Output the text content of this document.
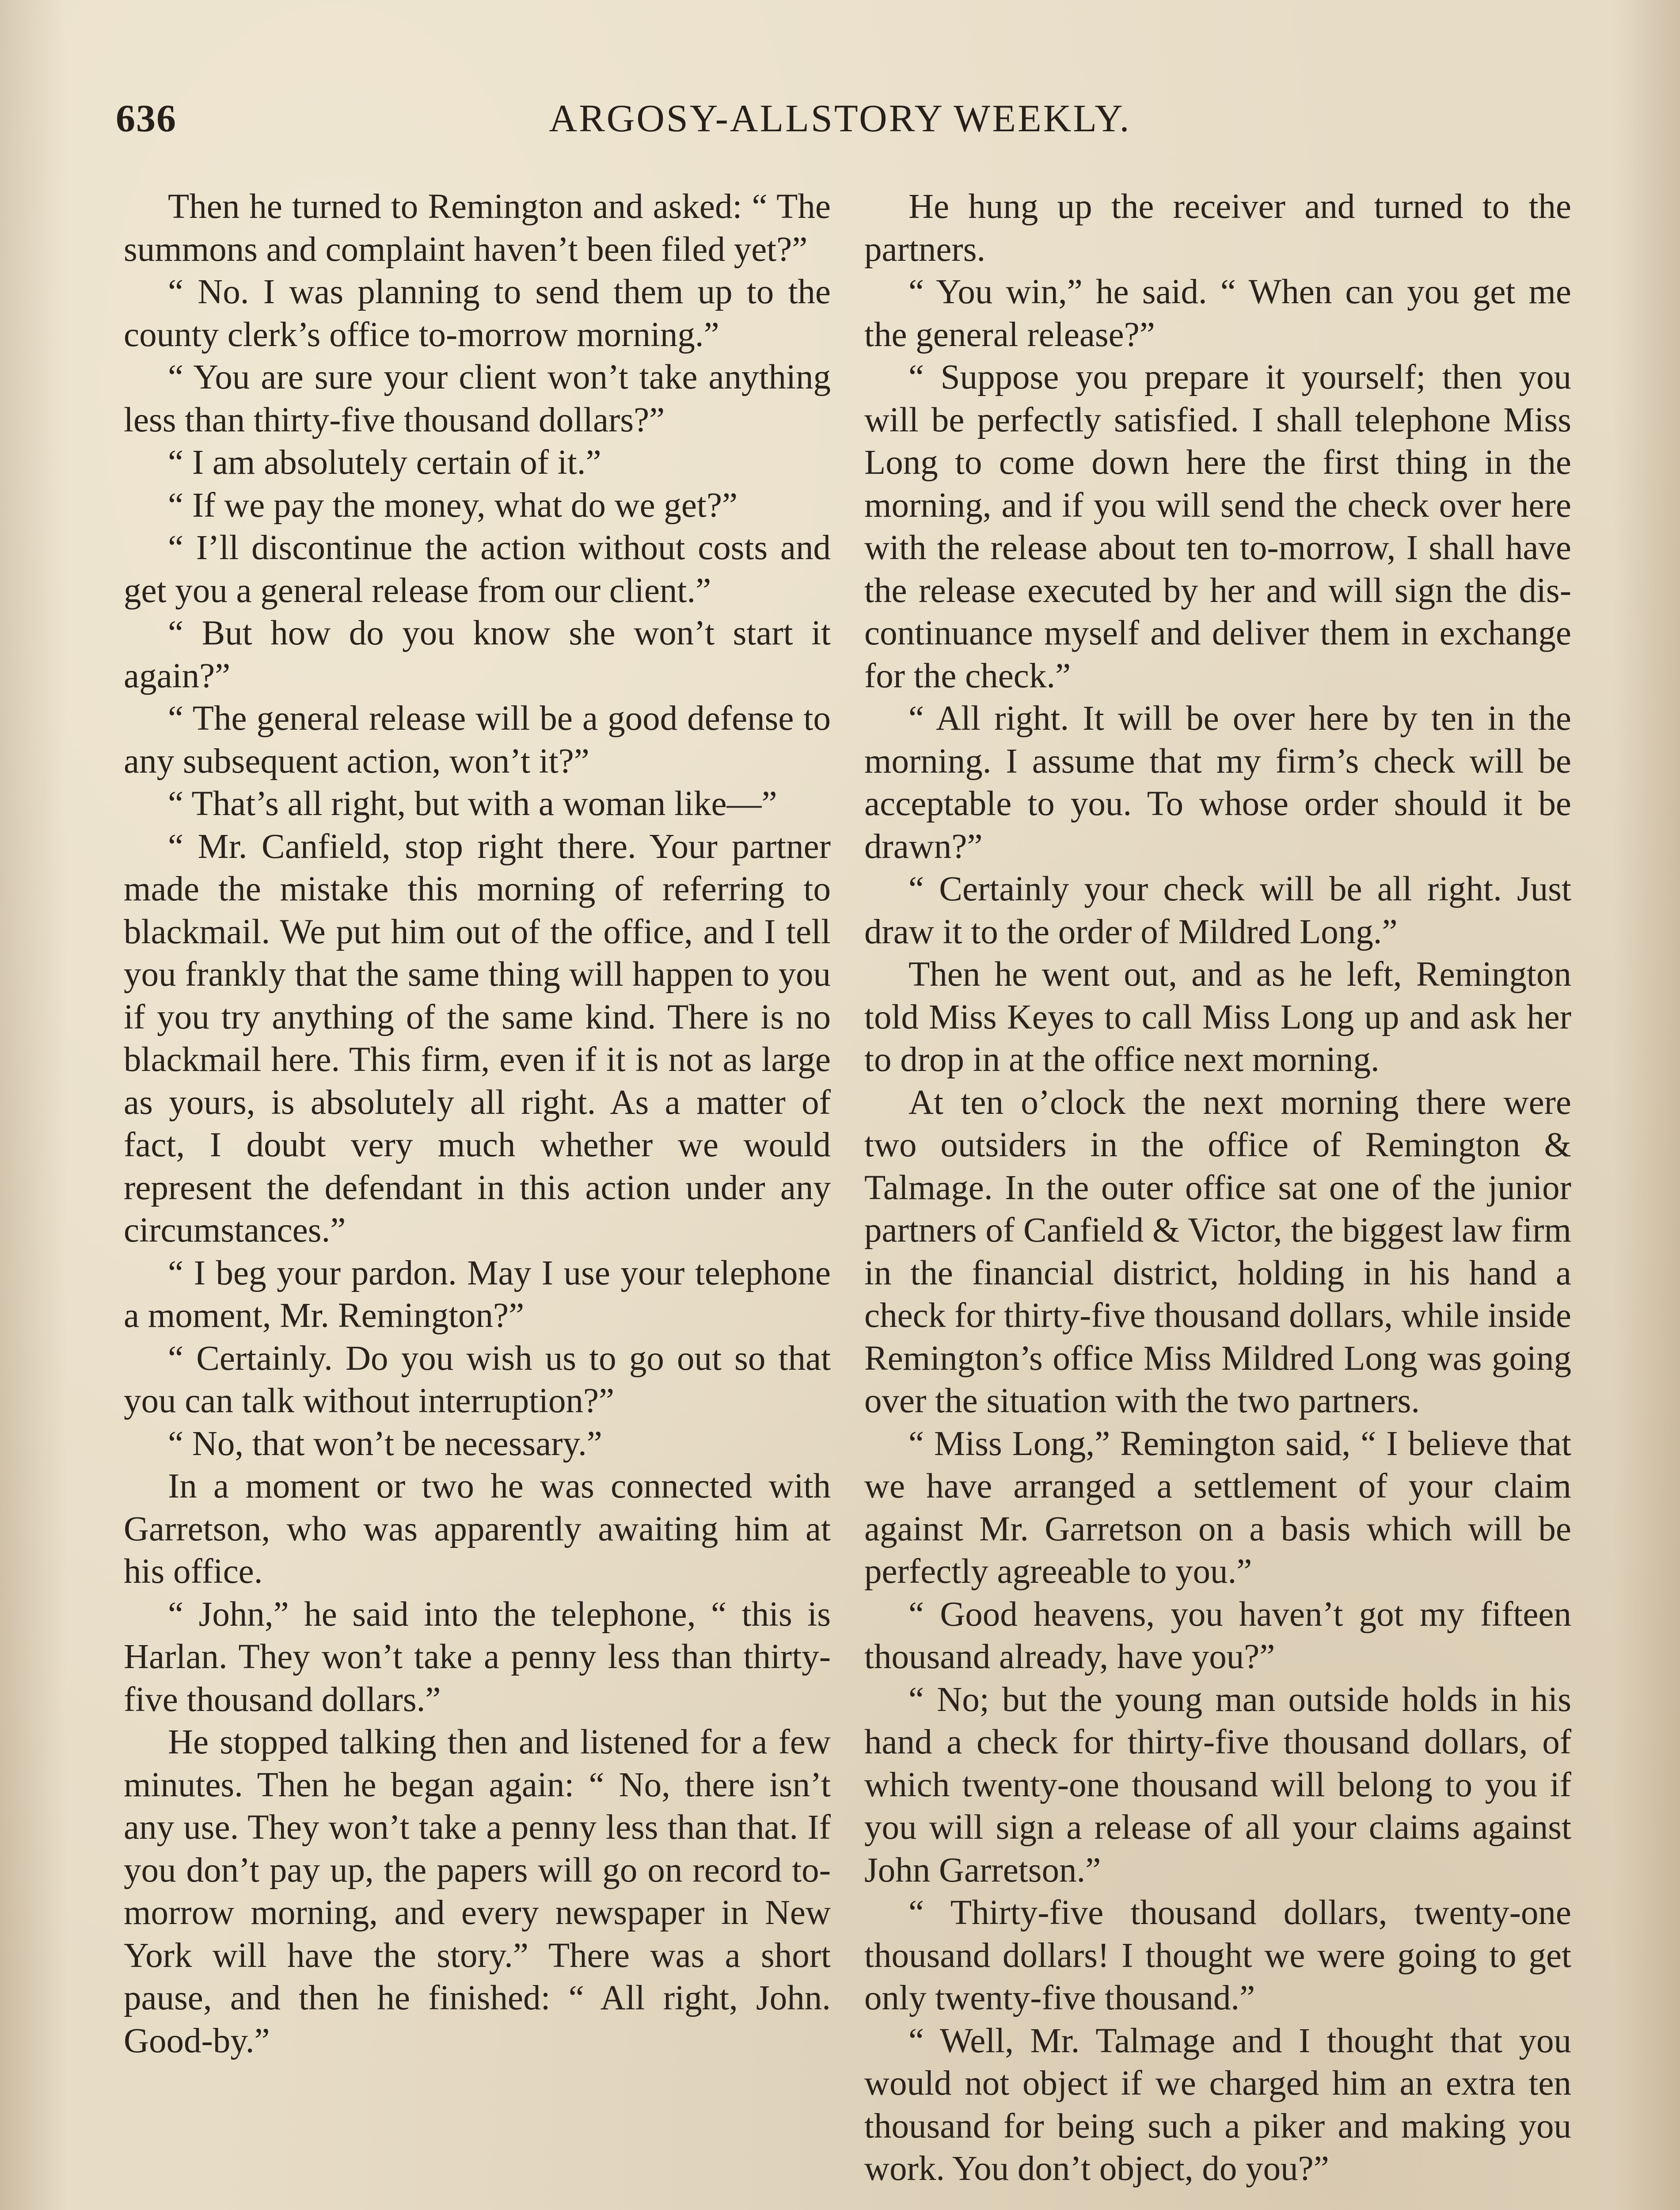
636	ARGOSY-ALLSTORY WEEKLY.

Then he turned to Remington and asked: “ The summons and complaint haven’t been filed yet?”

“ No. I was planning to send them up to the county clerk’s office to-morrow morning.”

“ You are sure your client won’t take anything less than thirty-five thousand dollars?”

“ I am absolutely certain of it.”

“ If we pay the money, what do we get?”

“ I’ll discontinue the action without costs and get you a general release from our client.”

“ But how do you know she won’t start it again?”

“ The general release will be a good defense to any subsequent action, won’t it?”

“ That’s all right, but with a woman like—”

“ Mr. Canfield, stop right there. Your partner made the mistake this morning of referring to blackmail. We put him out of the office, and I tell you frankly that the same thing will happen to you if you try anything of the same kind. There is no blackmail here. This firm, even if it is not as large as yours, is absolutely all right. As a matter of fact, I doubt very much whether we would represent the defendant in this action under any circumstances.”

“ I beg your pardon. May I use your telephone a moment, Mr. Remington?”

“ Certainly. Do you wish us to go out so that you can talk without interruption?”

“ No, that won’t be necessary.”

In a moment or two he was connected with Garretson, who was apparently awaiting him at his office.

“ John,” he said into the telephone, “ this is Harlan. They won’t take a penny less than thirty-five thousand dollars.”

He stopped talking then and listened for a few minutes. Then he began again: “ No, there isn’t any use. They won’t take a penny less than that. If you don’t pay up, the papers will go on record tomorrow morning, and every newspaper in New York will have the story.” There was a short pause, and then he finished: “ All right, John. Good-by.”

He hung up the receiver and turned to the partners.

“ You win,” he said. “ When can you get me the general release?”

“ Suppose you prepare it yourself; then you will be perfectly satisfied. I shall telephone Miss Long to come down here the first thing in the morning, and if you will send the check over here with the release about ten to-morrow, I shall have the release executed by her and will sign the discontinuance myself and deliver them in exchange for the check.”

“ All right. It will be over here by ten in the morning. I assume that my firm’s check will be acceptable to you. To whose order should it be drawn?”

“ Certainly your check will be all right. Just draw it to the order of Mildred Long.”

Then he went out, and as he left, Remington told Miss Keyes to call Miss Long up and ask her to drop in at the office next morning.

At ten o’clock the next morning there were two outsiders in the office of Remington & Talmage. In the outer office sat one of the junior partners of Canfield & Victor, the biggest law firm in the financial district, holding in his hand a check for thirty-five thousand dollars, while inside Remington’s office Miss Mildred Long was going over the situation with the two partners.

“ Miss Long,” Remington said, “ I believe that we have arranged a settlement of your claim against Mr. Garretson on a basis which will be perfectly agreeable to you.”

“ Good heavens, you haven’t got my fifteen thousand already, have you?”

“ No; but the young man outside holds in his hand a check for thirty-five thousand dollars, of which twenty-one thousand will belong to you if you will sign a release of all your claims against John Garretson.”

“ Thirty-five thousand dollars, twenty-one thousand dollars! I thought we were going to get only twenty-five thousand.”

“ Well, Mr. Talmage and I thought that you would not object if we charged him an extra ten thousand for being such a piker and making you work. You don’t object, do you?”
